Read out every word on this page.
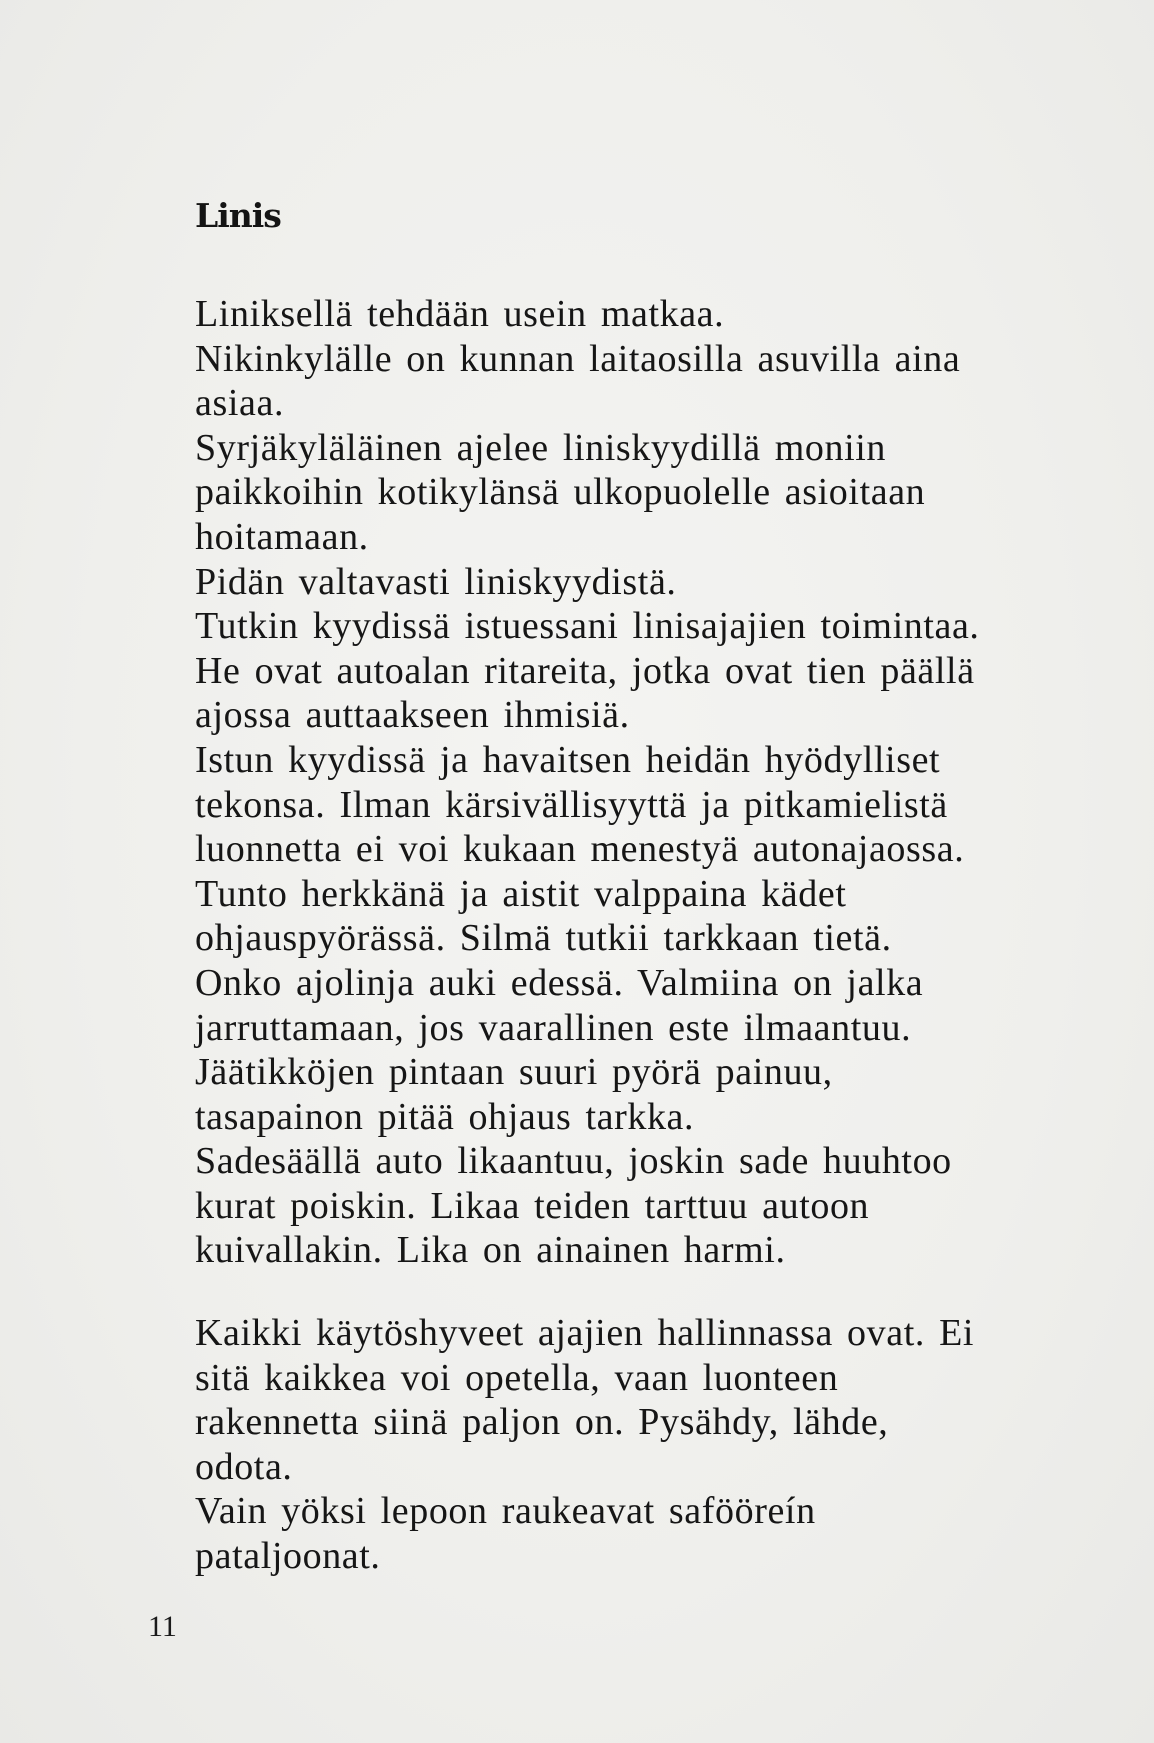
Linis
Liniksellä tehdään usein matkaa.
Nikinkylälle on kunnan laitaosilla asuvilla aina
asiaa.
Syrjäkyläläinen ajelee liniskyydillä moniin
paikkoihin kotikylänsä ulkopuolelle asioitaan
hoitamaan.
Pidän valtavasti liniskyydistä.
Tutkin kyydissä istuessani linisajajien toimintaa.
He ovat autoalan ritareita, jotka ovat tien päällä
ajossa auttaakseen ihmisiä.
Istun kyydissä ja havaitsen heidän hyödylliset
tekonsa. Ilman kärsivällisyyttä ja pitkamielistä
luonnetta ei voi kukaan menestyä autonajaossa.
Tunto herkkänä ja aistit valppaina kädet
ohjauspyörässä. Silmä tutkii tarkkaan tietä.
Onko ajolinja auki edessä. Valmiina on jalka
jarruttamaan, jos vaarallinen este ilmaantuu.
Jäätikköjen pintaan suuri pyörä painuu,
tasapainon pitää ohjaus tarkka.
Sadesäällä auto likaantuu, joskin sade huuhtoo
kurat poiskin. Likaa teiden tarttuu autoon
kuivallakin. Lika on ainainen harmi.
Kaikki käytöshyveet ajajien hallinnassa ovat. Ei
sitä kaikkea voi opetella, vaan luonteen
rakennetta siinä paljon on. Pysähdy, lähde,
odota.
Vain yöksi lepoon raukeavat safööreín
pataljoonat.
11
